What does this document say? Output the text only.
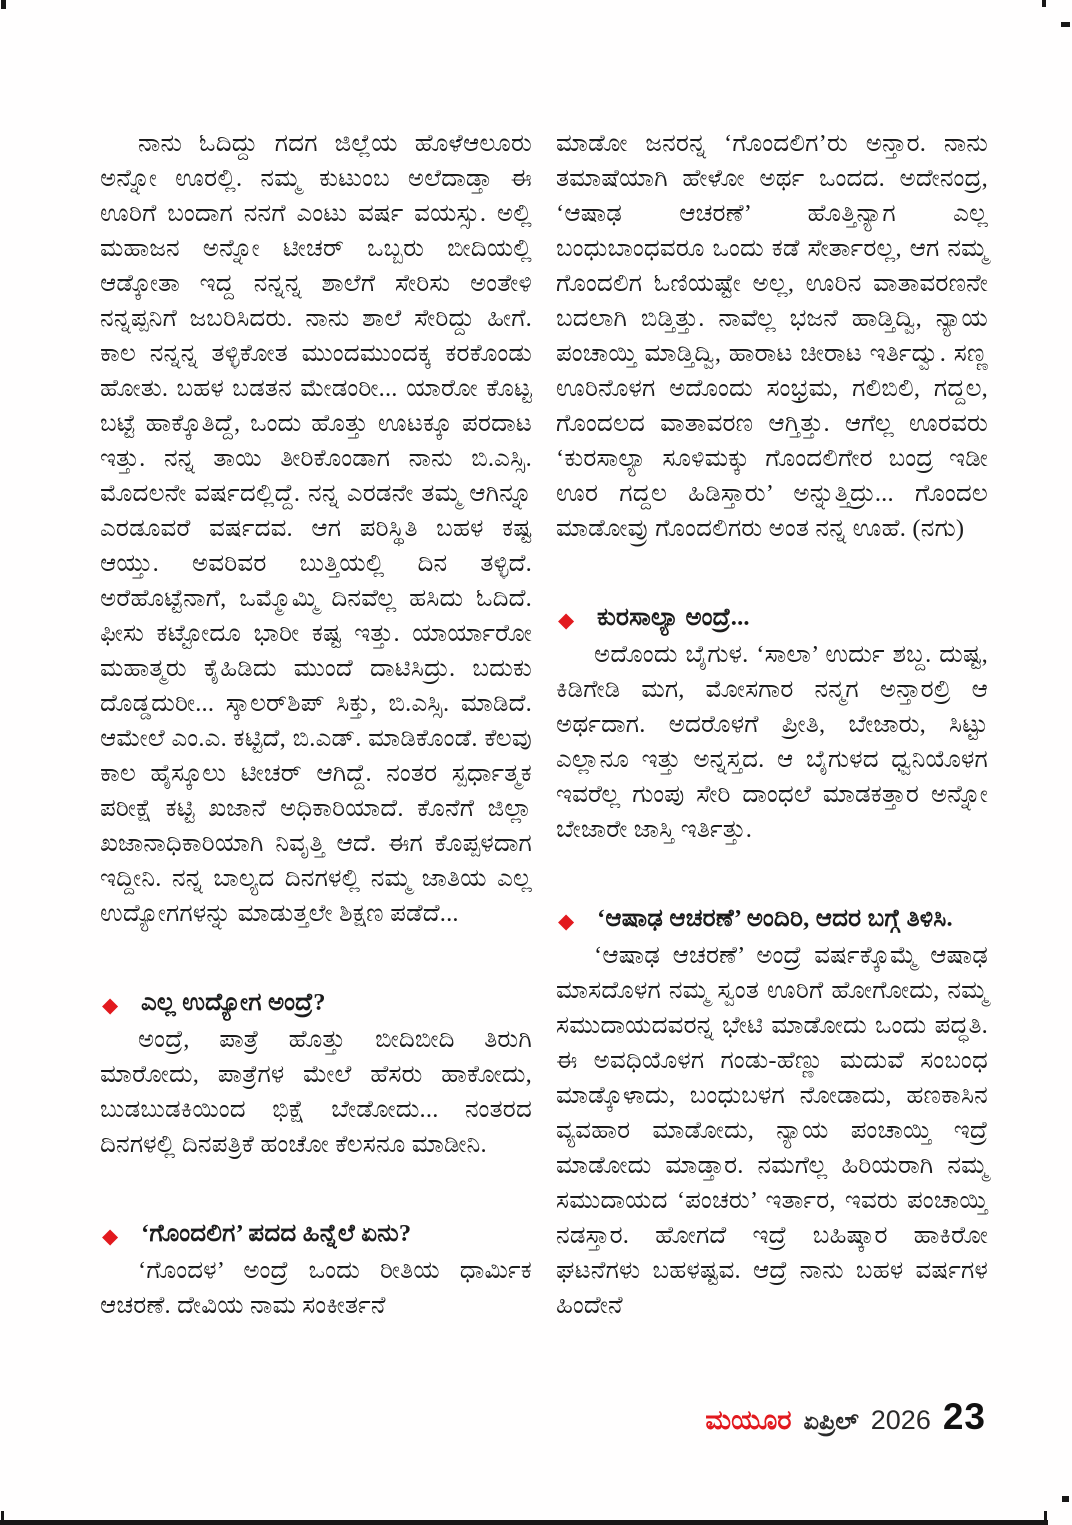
ನಾನು ಓದಿದ್ದು ಗದಗ ಜಿಲ್ಲೆಯ ಹೊಳೆಆಲೂರು ಅನ್ನೋ ಊರಲ್ಲಿ. ನಮ್ಮ ಕುಟುಂಬ ಅಲೆದಾಡ್ತಾ ಈ ಊರಿಗೆ ಬಂದಾಗ ನನಗೆ ಎಂಟು ವರ್ಷ ವಯಸ್ಸು. ಅಲ್ಲಿ ಮಹಾಜನ ಅನ್ನೋ ಟೀಚರ್ ಒಬ್ಬರು ಬೀದಿಯಲ್ಲಿ ಆಡ್ಕೋತಾ ಇದ್ದ ನನ್ನನ್ನ ಶಾಲೆಗೆ ಸೇರಿಸು ಅಂತೇಳಿ ನನ್ನಪ್ಪನಿಗೆ ಜಬರಿಸಿದರು. ನಾನು ಶಾಲೆ ಸೇರಿದ್ದು ಹೀಗೆ. ಕಾಲ ನನ್ನನ್ನ ತಳ್ಳಿಕೋತ ಮುಂದಮುಂದಕ್ಕ ಕರಕೊಂಡು ಹೋತು. ಬಹಳ ಬಡತನ ಮೇಡಂರೀ... ಯಾರೋ ಕೊಟ್ಟ ಬಟ್ಟೆ ಹಾಕ್ಕೊತಿದ್ದೆ, ಒಂದು ಹೊತ್ತು ಊಟಕ್ಕೂ ಪರದಾಟ ಇತ್ತು. ನನ್ನ ತಾಯಿ ತೀರಿಕೊಂಡಾಗ ನಾನು ಬಿ.ಎಸ್ಸಿ. ಮೊದಲನೇ ವರ್ಷದಲ್ಲಿದ್ದೆ. ನನ್ನ ಎರಡನೇ ತಮ್ಮ ಆಗಿನ್ನೂ ಎರಡೂವರೆ ವರ್ಷದವ. ಆಗ ಪರಿಸ್ಥಿತಿ ಬಹಳ ಕಷ್ಟ ಆಯ್ತು. ಅವರಿವರ ಬುತ್ತಿಯಲ್ಲಿ ದಿನ ತಳ್ಳಿದೆ. ಅರೆಹೊಟ್ಟೆನಾಗೆ, ಒಮ್ಮೊಮ್ಮಿ ದಿನವೆಲ್ಲ ಹಸಿದು ಓದಿದೆ. ಫೀಸು ಕಟ್ಟೋದೂ ಭಾರೀ ಕಷ್ಟ ಇತ್ತು. ಯಾರ್ಯಾರೋ ಮಹಾತ್ಮರು ಕೈಹಿಡಿದು ಮುಂದೆ ದಾಟಿಸಿದ್ರು. ಬದುಕು ದೊಡ್ಡದುರೀ... ಸ್ಕಾಲರ್‌ಶಿಪ್ ಸಿಕ್ತು, ಬಿ.ಎಸ್ಸಿ. ಮಾಡಿದೆ. ಆಮೇಲೆ ಎಂ.ಎ. ಕಟ್ಟಿದೆ, ಬಿ.ಎಡ್. ಮಾಡಿಕೊಂಡೆ. ಕೆಲವು ಕಾಲ ಹೈಸ್ಕೂಲು ಟೀಚರ್ ಆಗಿದ್ದೆ. ನಂತರ ಸ್ಪರ್ಧಾತ್ಮಕ ಪರೀಕ್ಷೆ ಕಟ್ಟಿ ಖಜಾನೆ ಅಧಿಕಾರಿಯಾದೆ. ಕೊನೆಗೆ ಜಿಲ್ಲಾ ಖಜಾನಾಧಿಕಾರಿಯಾಗಿ ನಿವೃತ್ತಿ ಆದೆ. ಈಗ ಕೊಪ್ಪಳದಾಗ ಇದ್ದೀನಿ. ನನ್ನ ಬಾಲ್ಯದ ದಿನಗಳಲ್ಲಿ ನಮ್ಮ ಜಾತಿಯ ಎಲ್ಲ ಉದ್ಯೋಗಗಳನ್ನು ಮಾಡುತ್ತಲೇ ಶಿಕ್ಷಣ ಪಡೆದೆ...

◆ ಎಲ್ಲ ಉದ್ಯೋಗ ಅಂದ್ರೆ?

ಅಂದ್ರೆ, ಪಾತ್ರೆ ಹೊತ್ತು ಬೀದಿಬೀದಿ ತಿರುಗಿ ಮಾರೋದು, ಪಾತ್ರೆಗಳ ಮೇಲೆ ಹೆಸರು ಹಾಕೋದು, ಬುಡಬುಡಕಿಯಿಂದ ಭಿಕ್ಷೆ ಬೇಡೋದು... ನಂತರದ ದಿನಗಳಲ್ಲಿ ದಿನಪತ್ರಿಕೆ ಹಂಚೋ ಕೆಲಸನೂ ಮಾಡೀನಿ.

◆ ‘ಗೊಂದಲಿಗ’ ಪದದ ಹಿನ್ನೆಲೆ ಏನು?

‘ಗೊಂದಳ’ ಅಂದ್ರೆ ಒಂದು ರೀತಿಯ ಧಾರ್ಮಿಕ ಆಚರಣೆ. ದೇವಿಯ ನಾಮ ಸಂಕೀರ್ತನೆ

ಮಾಡೋ ಜನರನ್ನ ‘ಗೊಂದಲಿಗ’ರು ಅನ್ತಾರ. ನಾನು ತಮಾಷೆಯಾಗಿ ಹೇಳೋ ಅರ್ಥ ಒಂದದ. ಅದೇನಂದ್ರ, ‘ಆಷಾಢ ಆಚರಣೆ’ ಹೊತ್ತಿನ್ಯಾಗ ಎಲ್ಲ ಬಂಧುಬಾಂಧವರೂ ಒಂದು ಕಡೆ ಸೇರ್ತಾರಲ್ಲ, ಆಗ ನಮ್ಮ ಗೊಂದಲಿಗ ಓಣಿಯಷ್ಟೇ ಅಲ್ಲ, ಊರಿನ ವಾತಾವರಣನೇ ಬದಲಾಗಿ ಬಿಡ್ತಿತ್ತು. ನಾವೆಲ್ಲ ಭಜನೆ ಹಾಡ್ತಿದ್ವಿ, ನ್ಯಾಯ ಪಂಚಾಯ್ತಿ ಮಾಡ್ತಿದ್ವಿ, ಹಾರಾಟ ಚೀರಾಟ ಇರ್ತಿದ್ವು. ಸಣ್ಣ ಊರಿನೊಳಗ ಅದೊಂದು ಸಂಭ್ರಮ, ಗಲಿಬಿಲಿ, ಗದ್ದಲ, ಗೊಂದಲದ ವಾತಾವರಣ ಆಗ್ತಿತ್ತು. ಆಗೆಲ್ಲ ಊರವರು ‘ಕುರಸಾಲ್ಯಾ ಸೂಳಿಮಕ್ಕು ಗೊಂದಲಿಗೇರ ಬಂದ್ರ ಇಡೀ ಊರ ಗದ್ದಲ ಹಿಡಿಸ್ತಾರು’ ಅನ್ನುತ್ತಿದ್ರು... ಗೊಂದಲ ಮಾಡೋವ್ರು ಗೊಂದಲಿಗರು ಅಂತ ನನ್ನ ಊಹೆ. (ನಗು)

◆ ಕುರಸಾಲ್ಯಾ ಅಂದ್ರೆ...

ಅದೊಂದು ಬೈಗುಳ. ‘ಸಾಲಾ’ ಉರ್ದು ಶಬ್ದ. ದುಷ್ಟ, ಕಿಡಿಗೇಡಿ ಮಗ, ಮೋಸಗಾರ ನನ್ಮಗ ಅನ್ತಾರಲ್ರಿ ಆ ಅರ್ಥದಾಗ. ಅದರೊಳಗೆ ಪ್ರೀತಿ, ಬೇಜಾರು, ಸಿಟ್ಟು ಎಲ್ಲಾನೂ ಇತ್ತು ಅನ್ನಸ್ತದ. ಆ ಬೈಗುಳದ ಧ್ವನಿಯೊಳಗ ಇವರೆಲ್ಲ ಗುಂಪು ಸೇರಿ ದಾಂಧಲೆ ಮಾಡಕತ್ತಾರ ಅನ್ನೋ ಬೇಜಾರೇ ಜಾಸ್ತಿ ಇರ್ತಿತ್ತು.

◆ ‘ಆಷಾಢ ಆಚರಣೆ’ ಅಂದಿರಿ, ಆದರ ಬಗ್ಗೆ ತಿಳಿಸಿ.

‘ಆಷಾಢ ಆಚರಣೆ’ ಅಂದ್ರೆ ವರ್ಷಕ್ಕೊಮ್ಮೆ ಆಷಾಢ ಮಾಸದೊಳಗ ನಮ್ಮ ಸ್ವಂತ ಊರಿಗೆ ಹೋಗೋದು, ನಮ್ಮ ಸಮುದಾಯದವರನ್ನ ಭೇಟಿ ಮಾಡೋದು ಒಂದು ಪದ್ಧತಿ. ಈ ಅವಧಿಯೊಳಗ ಗಂಡು-ಹೆಣ್ಣು ಮದುವೆ ಸಂಬಂಧ ಮಾಡ್ಕೊಳಾದು, ಬಂಧುಬಳಗ ನೋಡಾದು, ಹಣಕಾಸಿನ ವ್ಯವಹಾರ ಮಾಡೋದು, ನ್ಯಾಯ ಪಂಚಾಯ್ತಿ ಇದ್ರೆ ಮಾಡೋದು ಮಾಡ್ತಾರ. ನಮಗೆಲ್ಲ ಹಿರಿಯರಾಗಿ ನಮ್ಮ ಸಮುದಾಯದ ‘ಪಂಚರು’ ಇರ್ತಾರ, ಇವರು ಪಂಚಾಯ್ತಿ ನಡಸ್ತಾರ. ಹೋಗದೆ ಇದ್ರೆ ಬಹಿಷ್ಕಾರ ಹಾಕಿರೋ ಘಟನೆಗಳು ಬಹಳಷ್ಟವ. ಆದ್ರೆ ನಾನು ಬಹಳ ವರ್ಷಗಳ ಹಿಂದೇನೆ

ಮಯೂರ ಏಪ್ರಿಲ್ 2026 23
